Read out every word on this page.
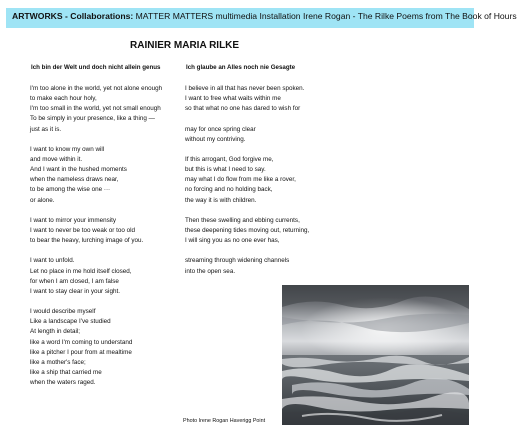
ARTWORKS - Collaborations: MATTER MATTERS multimedia Installation Irene Rogan - The Rilke Poems from The Book of Hours
RAINIER MARIA RILKE
Ich bin der Welt und doch nicht allein genus	Ich glaube an Alles noch nie Gesagte
I'm too alone in the world, yet not alone enough
to make each hour holy,
I'm too small in the world, yet not small enough
To be simply in your presence, like a thing —
just as it is.
I want to know my own will
and move within it.
And I want in the hushed moments
when the nameless draws near,
to be among the wise one ···
or alone.
I want to mirror your immensity
I want to never be too weak or too old
to bear the heavy, lurching image of you.
I want to unfold.
Let no place in me hold itself closed,
for when I am closed, I am false
I want to stay clear in your sight.
I would describe myself
Like a landscape I've studied
At length in detail;
like a word I'm coming to understand
like a pitcher I pour from at mealtime
like a mother's face;
like a ship that carried me
when the waters raged.
I believe in all that has never been spoken.
I want to free what waits within me
so that what no one has dared to wish for
may for once spring clear
without my contriving.
If this arrogant, God forgive me,
but this is what I need to say.
may what I do flow from me like a rover,
no forcing and no holding back,
the way it is with children.
Then these swelling and ebbing currents,
these deepening tides moving out, returning,
I will sing you as no one ever has,
streaming through widening channels
into the open sea.
Photo Irene Rogan Haverigg Point
